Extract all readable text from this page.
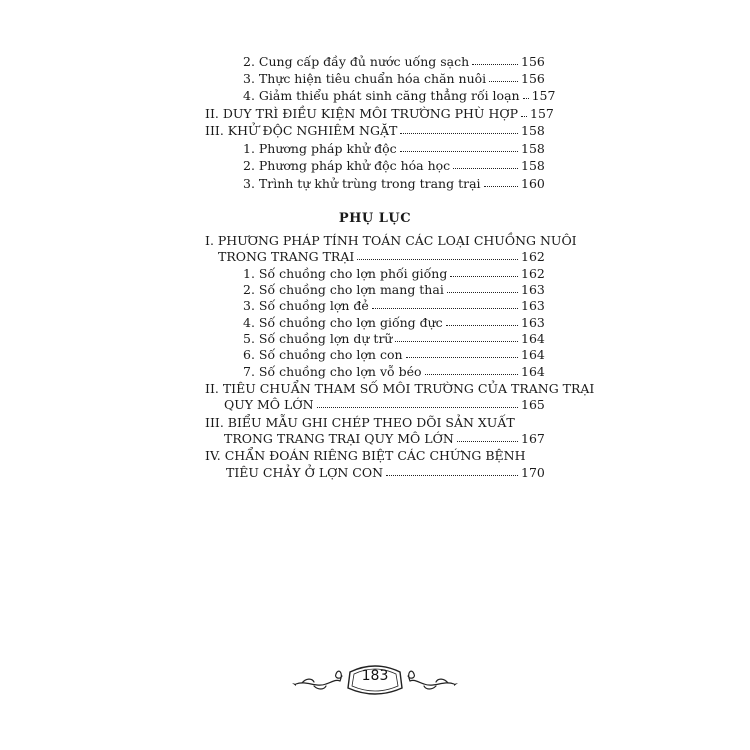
2. Cung cấp đầy đủ nước uống sạch	156
3. Thực hiện tiêu chuẩn hóa chăn nuôi	156
4. Giảm thiểu phát sinh căng thẳng rối loạn 157
II. DUY TRÌ ĐIỀU KIỆN MÔI TRƯỜNG PHÙ HỢP 157
III. KHỬ ĐỘC NGHIÊM NGẶT	158
1. Phương pháp khử độc	158
2. Phương pháp khử độc hóa học	158
3. Trình tự khử trùng trong trang trại	160
PHỤ LỤC
I. PHƯƠNG PHÁP TÍNH TOÁN CÁC LOẠI CHUỒNG NUÔI
TRONG TRANG TRẠI	162
1. Số chuồng cho lợn phối giống	162
2. Số chuồng cho lợn mang thai	163
3. Số chuồng lợn đẻ	163
4. Số chuồng cho lợn giống đực	163
5. Số chuồng lợn dự trữ	164
6. Số chuồng cho lợn con	164
7. Số chuồng cho lợn vỗ béo	164
II. TIÊU CHUẨN THAM SỐ MÔI TRƯỜNG CỦA TRANG TRẠI
QUY MÔ LỚN	165
III. BIỂU MẪU GHI CHÉP THEO DÕI SẢN XUẤT
TRONG TRANG TRẠI QUY MÔ LỚN	167
IV. CHẨN ĐOÁN RIÊNG BIỆT CÁC CHỨNG BỆNH
TIÊU CHẢY Ở LỢN CON	170
183
